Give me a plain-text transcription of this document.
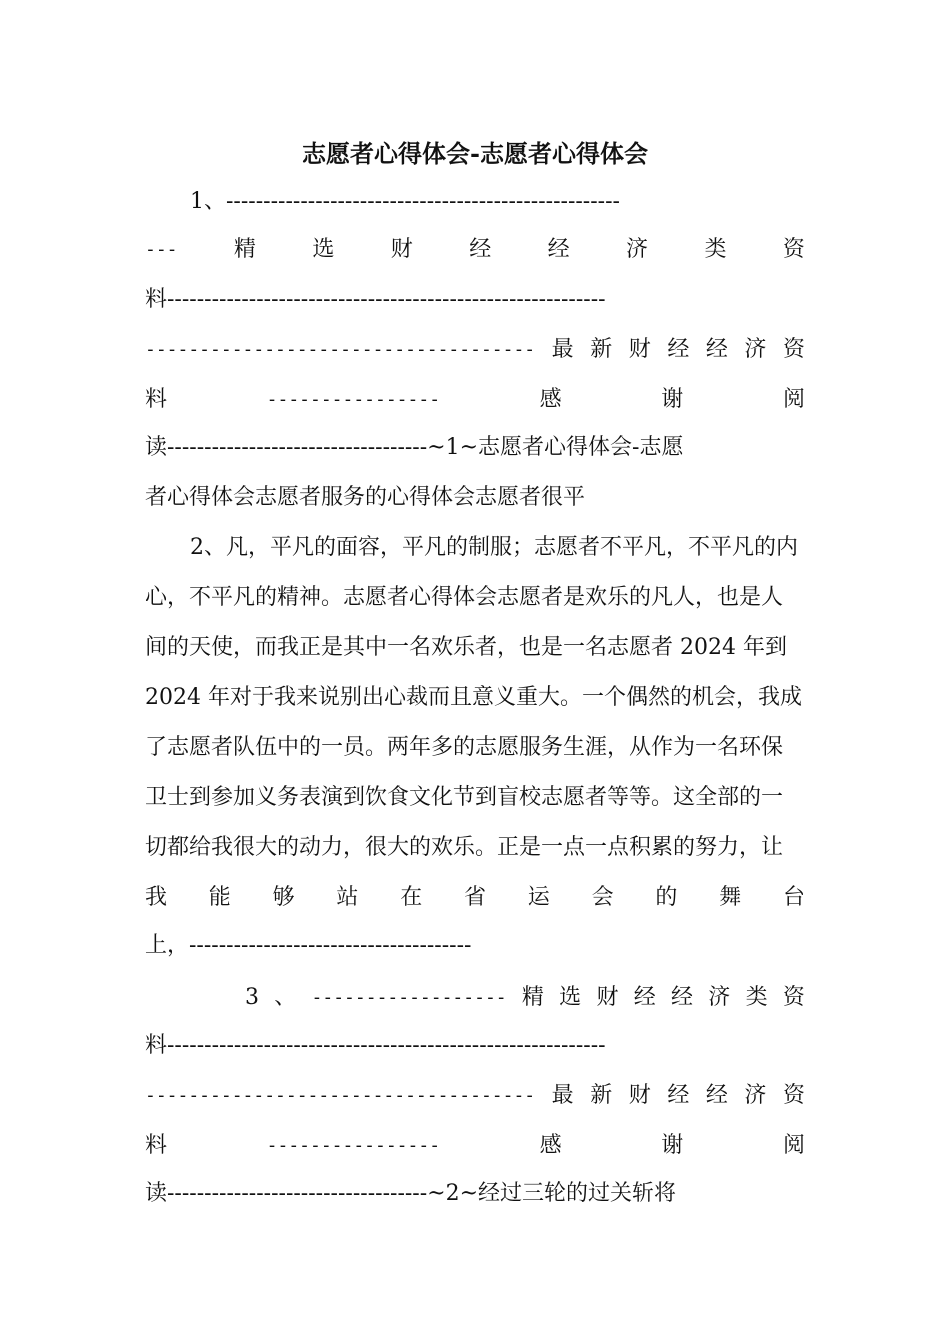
志愿者心得体会-志愿者心得体会
1、-----------------------------------------------------
---	精	选	财	经	经	济	类	资
料-----------------------------------------------------------
------------------------------------ 最 新 财 经 经 济 资
料	----------------	感	谢	阅
读-----------------------------------~1~志愿者心得体会-志愿
者心得体会志愿者服务的心得体会志愿者很平
2、凡，平凡的面容，平凡的制服；志愿者不平凡，不平凡的内
心，不平凡的精神。志愿者心得体会志愿者是欢乐的凡人，也是人
间的天使，而我正是其中一名欢乐者，也是一名志愿者 2024 年到
2024 年对于我来说别出心裁而且意义重大。一个偶然的机会，我成
了志愿者队伍中的一员。两年多的志愿服务生涯，从作为一名环保
卫士到参加义务表演到饮食文化节到盲校志愿者等等。这全部的一
切都给我很大的动力，很大的欢乐。正是一点一点积累的努力，让
我 能 够 站 在 省 运 会 的 舞 台
上，--------------------------------------
3 、 ------------------ 精 选 财 经 经 济 类 资
料-----------------------------------------------------------
------------------------------------ 最 新 财 经 经 济 资
料	----------------	感	谢	阅
读-----------------------------------~2~经过三轮的过关斩将
